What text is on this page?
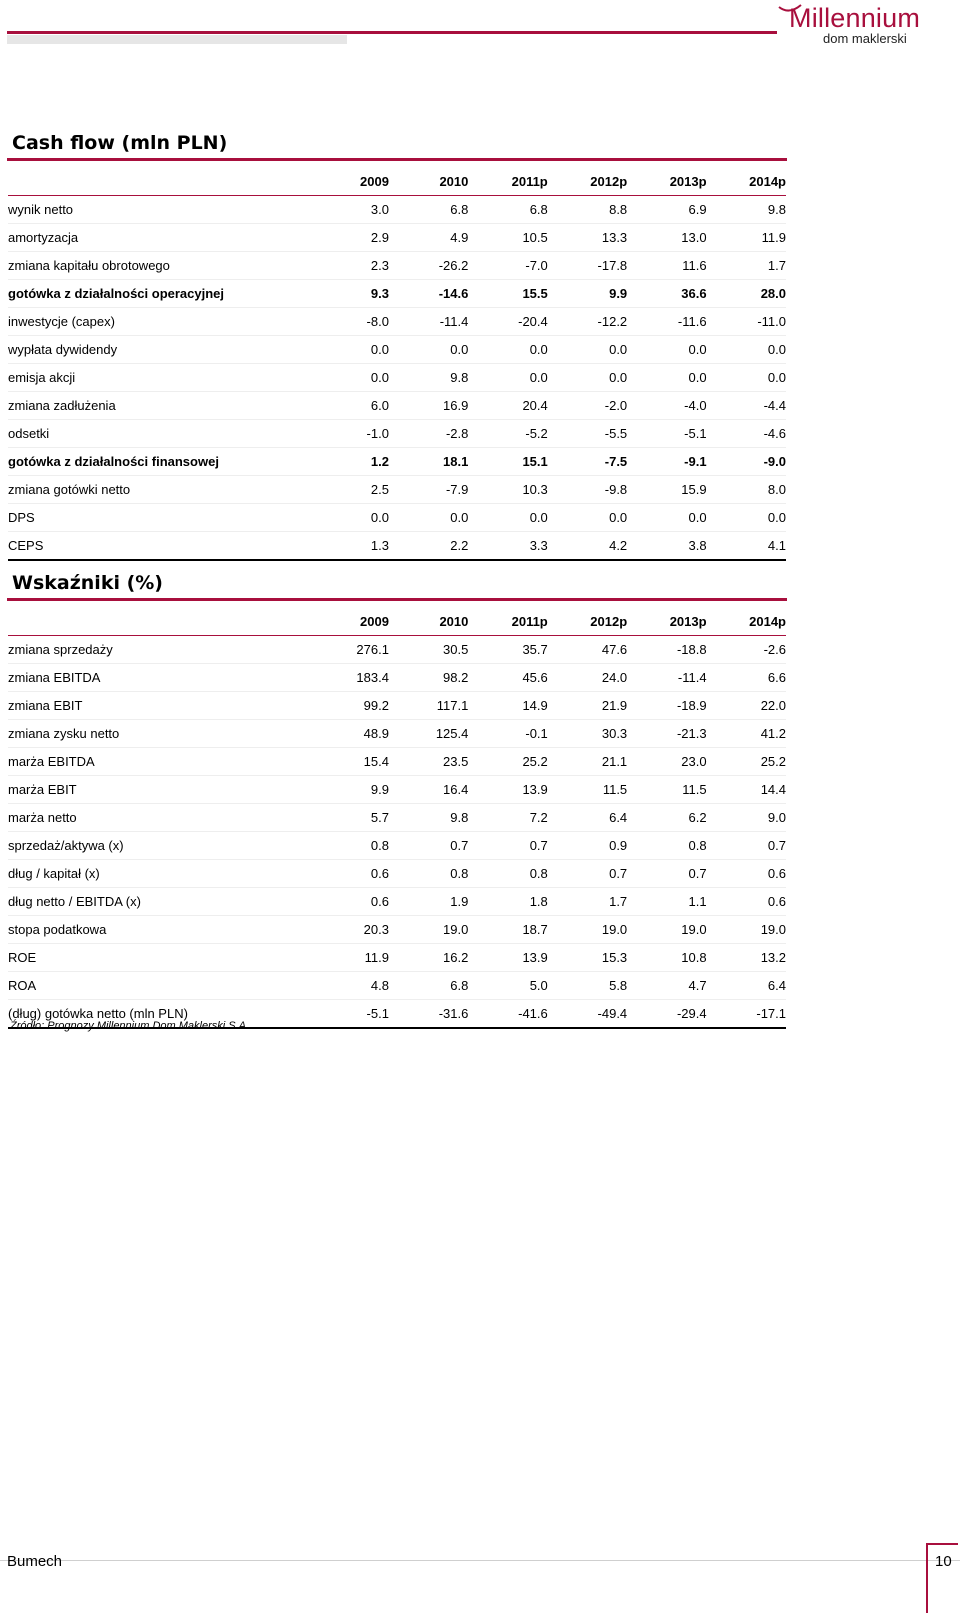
Millennium
dom maklerski
Cash flow (mln PLN)
	2009	2010	2011p	2012p	2013p	2014p
wynik netto	3.0	6.8	6.8	8.8	6.9	9.8
amortyzacja	2.9	4.9	10.5	13.3	13.0	11.9
zmiana kapitału obrotowego	2.3	-26.2	-7.0	-17.8	11.6	1.7
gotówka z działalności operacyjnej	9.3	-14.6	15.5	9.9	36.6	28.0
inwestycje (capex)	-8.0	-11.4	-20.4	-12.2	-11.6	-11.0
wypłata dywidendy	0.0	0.0	0.0	0.0	0.0	0.0
emisja akcji	0.0	9.8	0.0	0.0	0.0	0.0
zmiana zadłużenia	6.0	16.9	20.4	-2.0	-4.0	-4.4
odsetki	-1.0	-2.8	-5.2	-5.5	-5.1	-4.6
gotówka z działalności finansowej	1.2	18.1	15.1	-7.5	-9.1	-9.0
zmiana gotówki netto	2.5	-7.9	10.3	-9.8	15.9	8.0
DPS	0.0	0.0	0.0	0.0	0.0	0.0
CEPS	1.3	2.2	3.3	4.2	3.8	4.1
Wskaźniki (%)
	2009	2010	2011p	2012p	2013p	2014p
zmiana sprzedaży	276.1	30.5	35.7	47.6	-18.8	-2.6
zmiana EBITDA	183.4	98.2	45.6	24.0	-11.4	6.6
zmiana EBIT	99.2	117.1	14.9	21.9	-18.9	22.0
zmiana zysku netto	48.9	125.4	-0.1	30.3	-21.3	41.2
marża EBITDA	15.4	23.5	25.2	21.1	23.0	25.2
marża EBIT	9.9	16.4	13.9	11.5	11.5	14.4
marża netto	5.7	9.8	7.2	6.4	6.2	9.0
sprzedaż/aktywa (x)	0.8	0.7	0.7	0.9	0.8	0.7
dług / kapitał (x)	0.6	0.8	0.8	0.7	0.7	0.6
dług netto / EBITDA (x)	0.6	1.9	1.8	1.7	1.1	0.6
stopa podatkowa	20.3	19.0	18.7	19.0	19.0	19.0
ROE	11.9	16.2	13.9	15.3	10.8	13.2
ROA	4.8	6.8	5.0	5.8	4.7	6.4
(dług) gotówka netto (mln PLN)	-5.1	-31.6	-41.6	-49.4	-29.4	-17.1
Źródło: Prognozy Millennium Dom Maklerski S.A.
Bumech	10
